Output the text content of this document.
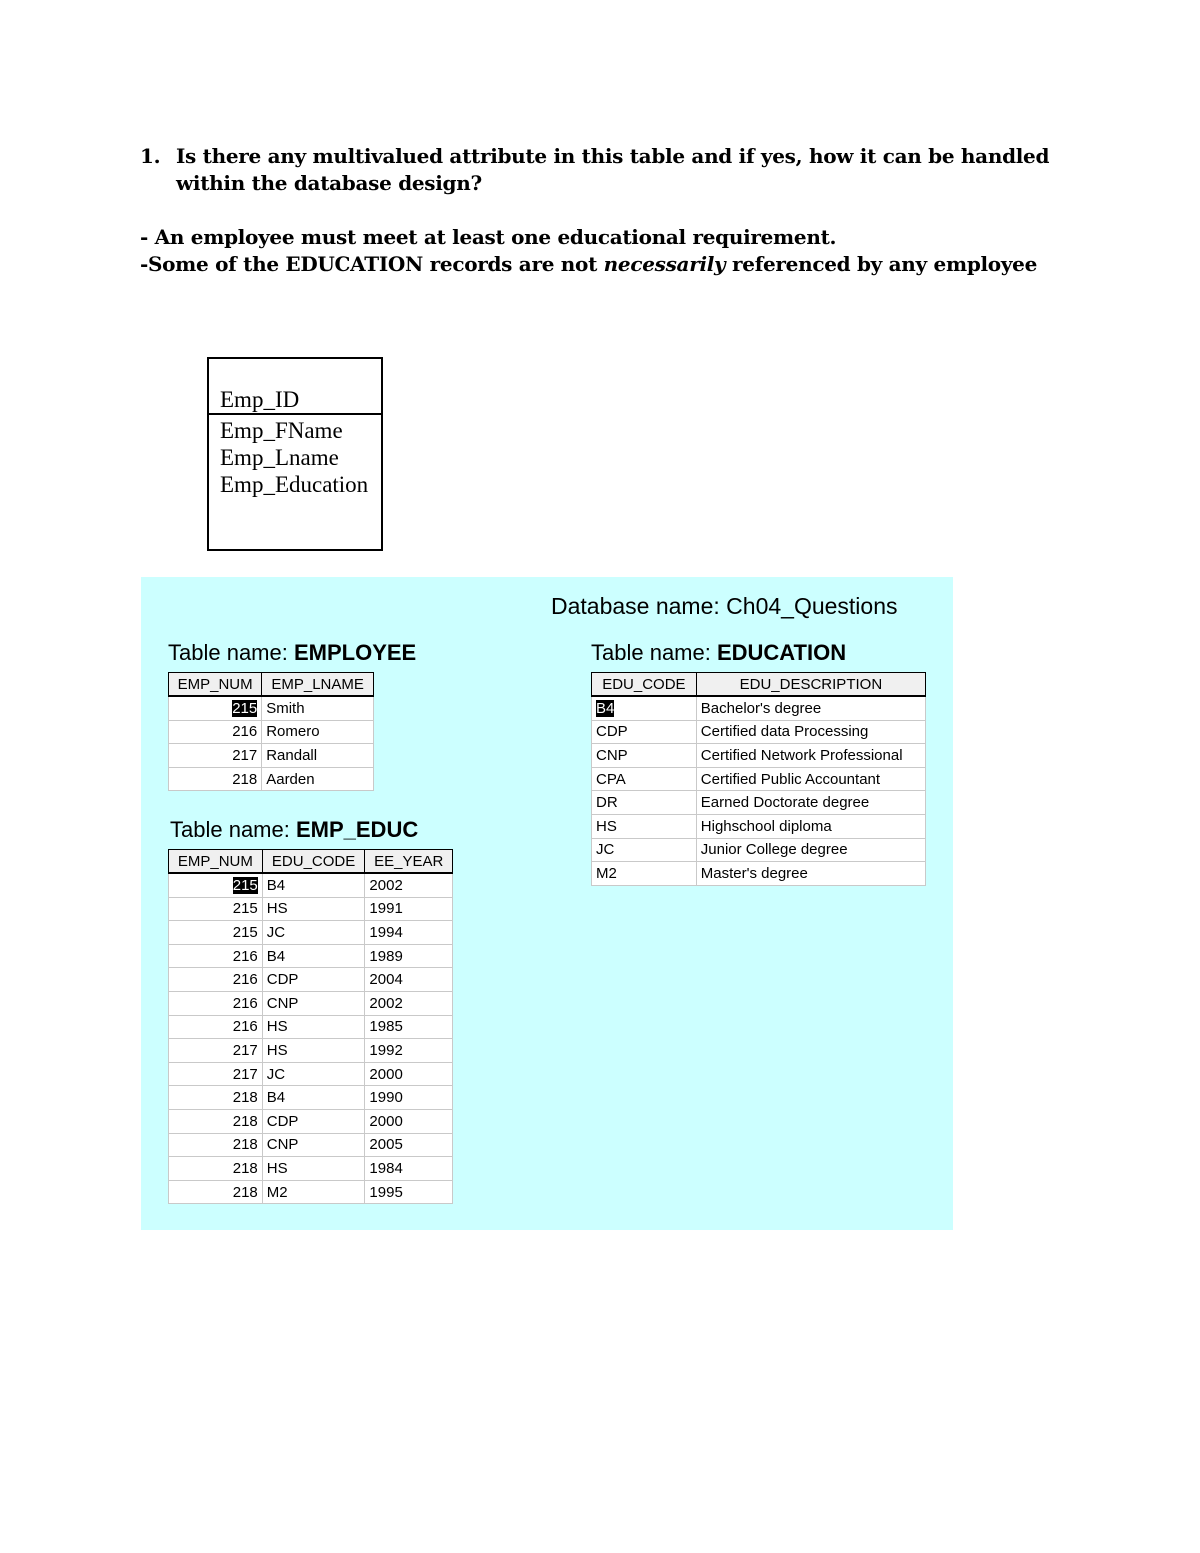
1. Is there any multivalued attribute in this table and if yes, how it can be handled within the database design?
- An employee must meet at least one educational requirement.
-Some of the EDUCATION records are not necessarily referenced by any employee
Emp_ID
Emp_FName
Emp_Lname
Emp_Education
Database name: Ch04_Questions
Table name: EMPLOYEE
EMP_NUM	EMP_LNAME
215	Smith
216	Romero
217	Randall
218	Aarden
Table name: EMP_EDUC
EMP_NUM	EDU_CODE	EE_YEAR
215	B4	2002
215	HS	1991
215	JC	1994
216	B4	1989
216	CDP	2004
216	CNP	2002
216	HS	1985
217	HS	1992
217	JC	2000
218	B4	1990
218	CDP	2000
218	CNP	2005
218	HS	1984
218	M2	1995
Table name: EDUCATION
EDU_CODE	EDU_DESCRIPTION
B4	Bachelor's degree
CDP	Certified data Processing
CNP	Certified Network Professional
CPA	Certified Public Accountant
DR	Earned Doctorate degree
HS	Highschool diploma
JC	Junior College degree
M2	Master's degree
